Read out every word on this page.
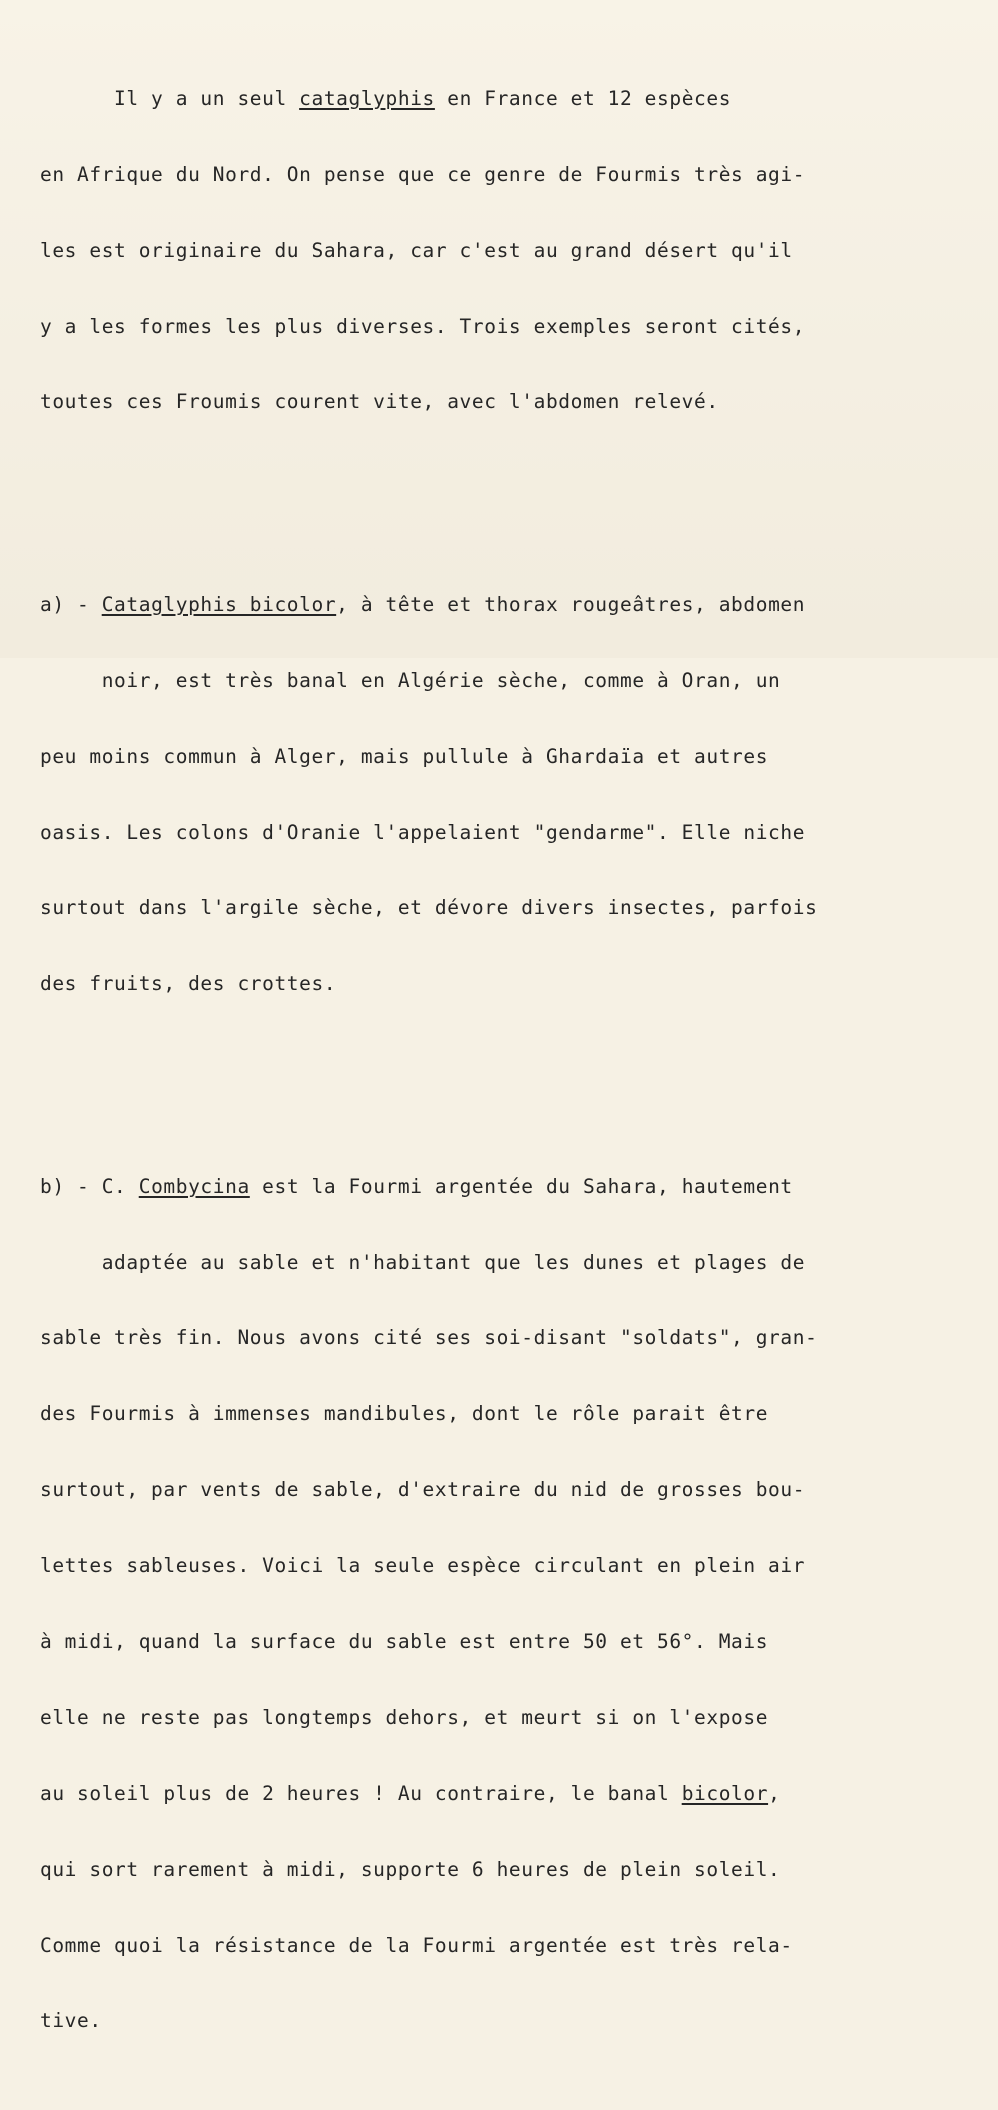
Il y a un seul cataglyphis en France et 12 espèces

en Afrique du Nord. On pense que ce genre de Fourmis très agi-

les est originaire du Sahara, car c'est au grand désert qu'il

y a les formes les plus diverses. Trois exemples seront cités,

toutes ces Froumis courent vite, avec l'abdomen relevé.

a) - Cataglyphis bicolor, à tête et thorax rougeâtres, abdomen

noir, est très banal en Algérie sèche, comme à Oran, un

peu moins commun à Alger, mais pullule à Ghardaïa et autres

oasis. Les colons d'Oranie l'appelaient "gendarme". Elle niche

surtout dans l'argile sèche, et dévore divers insectes, parfois

des fruits, des crottes.

b) - C. Combycina est la Fourmi argentée du Sahara, hautement

adaptée au sable et n'habitant que les dunes et plages de

sable très fin. Nous avons cité ses soi-disant "soldats", gran-

des Fourmis à immenses mandibules, dont le rôle parait être

surtout, par vents de sable, d'extraire du nid de grosses bou-

lettes sableuses. Voici la seule espèce circulant en plein air

à midi, quand la surface du sable est entre 50 et 56°. Mais

elle ne reste pas longtemps dehors, et meurt si on l'expose

au soleil plus de 2 heures ! Au contraire, le banal bicolor,

qui sort rarement à midi, supporte 6 heures de plein soleil.

Comme quoi la résistance de la Fourmi argentée est très rela-

tive.
